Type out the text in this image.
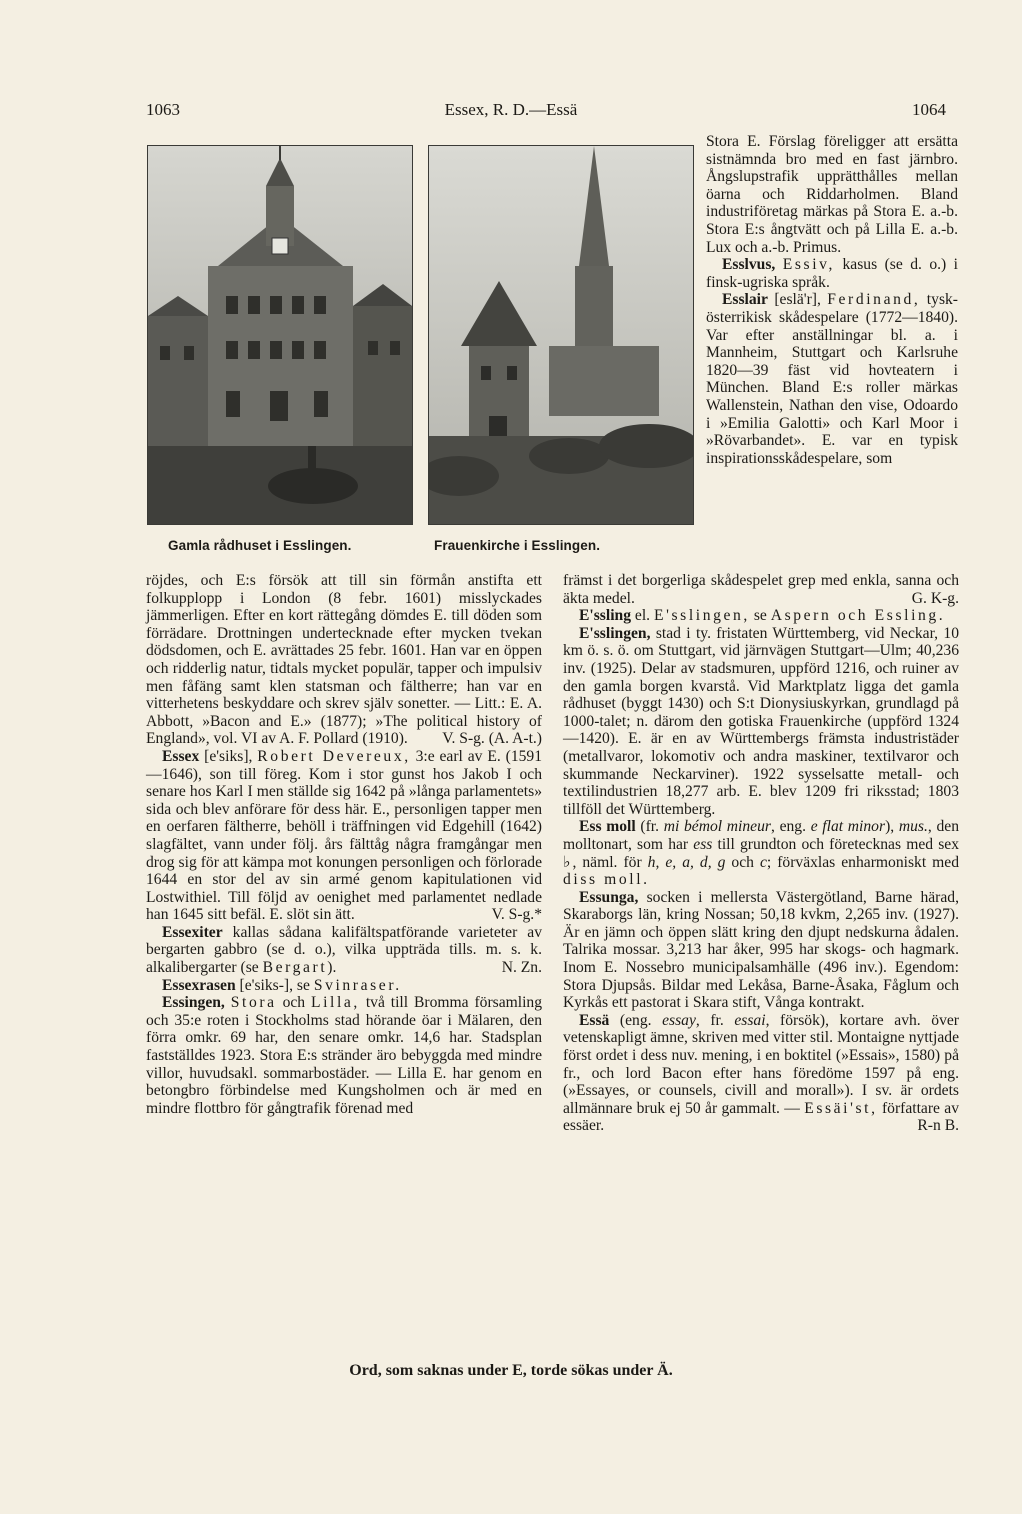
1063	Essex, R. D.—Essä	1064
Gamla rådhuset i Esslingen.	Frauenkirche i Esslingen.

Stora E. Förslag föreligger att ersätta sistnämnda bro med en fast järnbro. Ångslupstrafik upprätthålles mellan öarna och Riddarholmen. Bland industriföretag märkas på Stora E. a.-b. Stora E:s ångtvätt och på Lilla E. a.-b. Lux och a.-b. Primus.

Esslvus, Essiv, kasus (se d. o.) i finsk-ugriska språk.

Esslair [eslä'r], Ferdinand, tysk-österrikisk skådespelare (1772—1840). Var efter anställningar bl. a. i Mannheim, Stuttgart och Karlsruhe 1820—39 fäst vid hovteatern i München. Bland E:s roller märkas Wallenstein, Nathan den vise, Odoardo i »Emilia Galotti» och Karl Moor i »Rövarbandet». E. var en typisk inspirationsskådespelare, som

röjdes, och E:s försök att till sin förmån anstifta ett folkupplopp i London (8 febr. 1601) misslyckades jämmerligen. Efter en kort rättegång dömdes E. till döden som förrädare. Drottningen undertecknade efter mycken tvekan dödsdomen, och E. avrättades 25 febr. 1601. Han var en öppen och ridderlig natur, tidtals mycket populär, tapper och impulsiv men fåfäng samt klen statsman och fältherre; han var en vitterhetens beskyddare och skrev själv sonetter. — Litt.: E. A. Abbott, »Bacon and E.» (1877); »The political history of England», vol. VI av A. F. Pollard (1910). V. S-g. (A. A-t.)

Essex [e'siks], Robert Devereux, 3:e earl av E. (1591—1646), son till föreg. Kom i stor gunst hos Jakob I och senare hos Karl I men ställde sig 1642 på »långa parlamentets» sida och blev anförare för dess här. E., personligen tapper men en oerfaren fältherre, behöll i träffningen vid Edgehill (1642) slagfältet, vann under följ. års fälttåg några framgångar men drog sig för att kämpa mot konungen personligen och förlorade 1644 en stor del av sin armé genom kapitulationen vid Lostwithiel. Till följd av oenighet med parlamentet nedlade han 1645 sitt befäl. E. slöt sin ätt.	V. S-g.*

Essexiter kallas sådana kalifältspatförande varieteter av bergarten gabbro (se d. o.), vilka uppträda tills. m. s. k. alkalibergarter (se Bergart).	N. Zn.

Essexrasen [e'siks-], se Svinraser.

Essingen, Stora och Lilla, två till Bromma församling och 35:e roten i Stockholms stad hörande öar i Mälaren, den förra omkr. 69 har, den senare omkr. 14,6 har. Stadsplan fastställdes 1923. Stora E:s stränder äro bebyggda med mindre villor, huvudsakl. sommarbostäder. — Lilla E. har genom en betongbro förbindelse med Kungsholmen och är med en mindre flottbro för gångtrafik förenad med

främst i det borgerliga skådespelet grep med enkla, sanna och äkta medel.	G. K-g.

E'ssling el. E'sslingen, se Aspern och Essling.

E'sslingen, stad i ty. fristaten Württemberg, vid Neckar, 10 km ö. s. ö. om Stuttgart, vid järnvägen Stuttgart—Ulm; 40,236 inv. (1925). Delar av stadsmuren, uppförd 1216, och ruiner av den gamla borgen kvarstå. Vid Marktplatz ligga det gamla rådhuset (byggt 1430) och S:t Dionysiuskyrkan, grundlagd på 1000-talet; n. därom den gotiska Frauenkirche (uppförd 1324—1420). E. är en av Württembergs främsta industristäder (metallvaror, lokomotiv och andra maskiner, textilvaror och skummande Neckarviner). 1922 sysselsatte metall- och textilindustrien 18,277 arb. E. blev 1209 fri riksstad; 1803 tillföll det Württemberg.

Ess moll (fr. mi bémol mineur, eng. e flat minor), mus., den molltonart, som har ess till grundton och företecknas med sex ♭, näml. för h, e, a, d, g och c; förväxlas enharmoniskt med diss moll.

Essunga, socken i mellersta Västergötland, Barne härad, Skaraborgs län, kring Nossan; 50,18 kvkm, 2,265 inv. (1927). Är en jämn och öppen slätt kring den djupt nedskurna ådalen. Talrika mossar. 3,213 har åker, 995 har skogs- och hagmark. Inom E. Nossebro municipalsamhälle (496 inv.). Egendom: Stora Djupsås. Bildar med Lekåsa, Barne-Åsaka, Fåglum och Kyrkås ett pastorat i Skara stift, Vånga kontrakt.

Essä (eng. essay, fr. essai, försök), kortare avh. över vetenskapligt ämne, skriven med vitter stil. Montaigne nyttjade först ordet i dess nuv. mening, i en boktitel (»Essais», 1580) på fr., och lord Bacon efter hans föredöme 1597 på eng. (»Essayes, or counsels, civill and morall»). I sv. är ordets allmännare bruk ej 50 år gammalt. — Essäi'st, författare av essäer.	R-n B.

Ord, som saknas under E, torde sökas under Ä.
